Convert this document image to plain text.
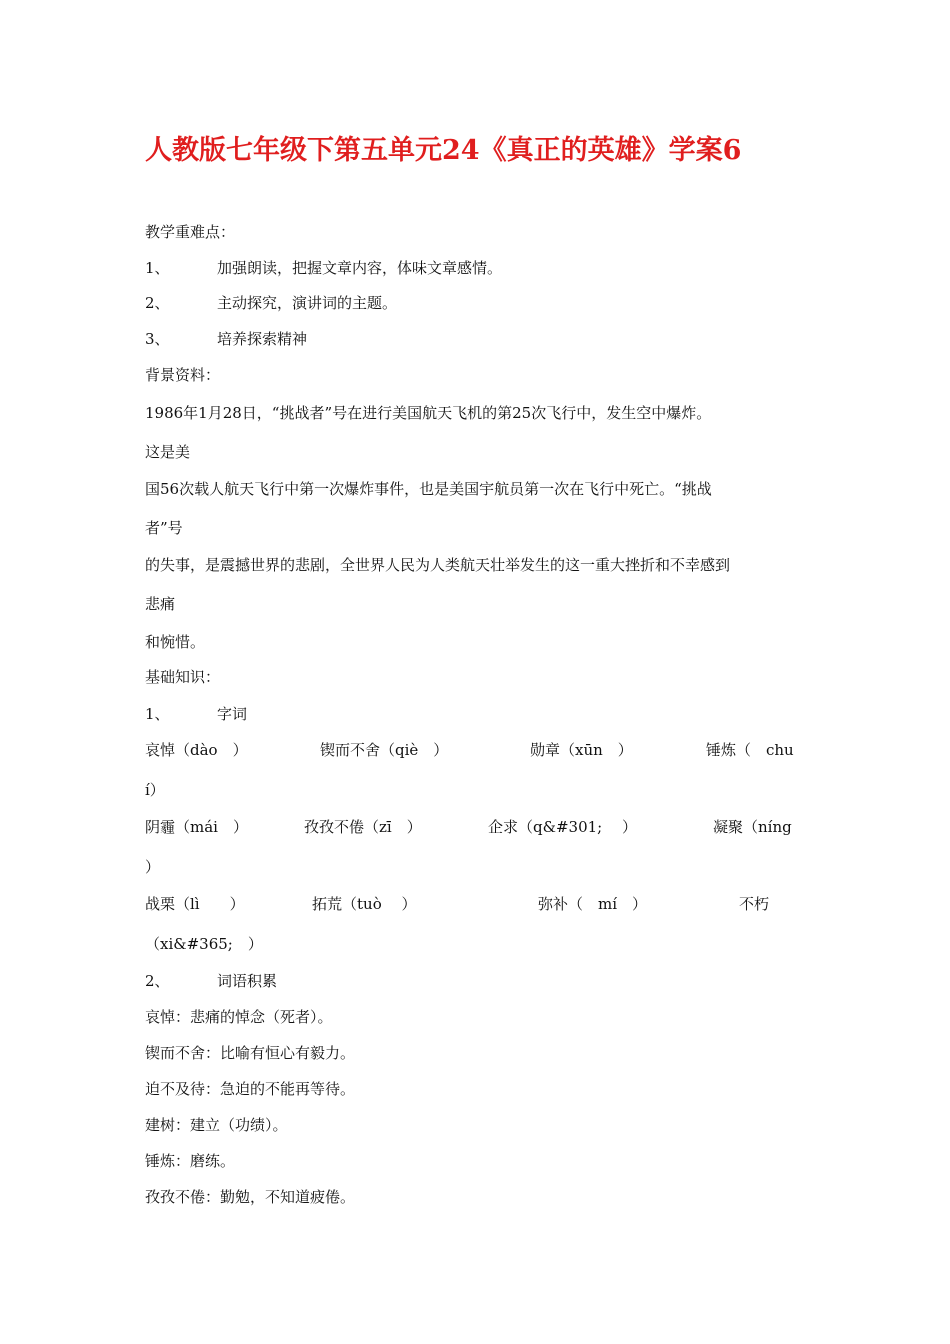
人教版七年级下第五单元24《真正的英雄》学案6
教学重难点：
1、	加强朗读，把握文章内容，体味文章感情。
2、	主动探究，演讲词的主题。
3、	培养探索精神
背景资料：
1986年1月28日，“挑战者”号在进行美国航天飞机的第25次飞行中，发生空中爆炸。
这是美
国56次载人航天飞行中第一次爆炸事件，也是美国宇航员第一次在飞行中死亡。“挑战
者”号
的失事，是震撼世界的悲剧，全世界人民为人类航天壮举发生的这一重大挫折和不幸感到
悲痛
和惋惜。
基础知识：
1、	字词
哀悼（dào　）	锲而不舍（qiè　）	勋章（xūn　）	锤炼（　chu
í）
阴霾（mái　）	孜孜不倦（zī　）	企求（q&#301;　 ）	凝聚（níng
）
战栗（lì　　）	拓荒（tuò　 ）	弥补（　mí　）	不朽
（xi&#365;　）
2、	词语积累
哀悼：悲痛的悼念（死者）。
锲而不舍：比喻有恒心有毅力。
迫不及待：急迫的不能再等待。
建树：建立（功绩）。
锤炼：磨练。
孜孜不倦：勤勉，不知道疲倦。
